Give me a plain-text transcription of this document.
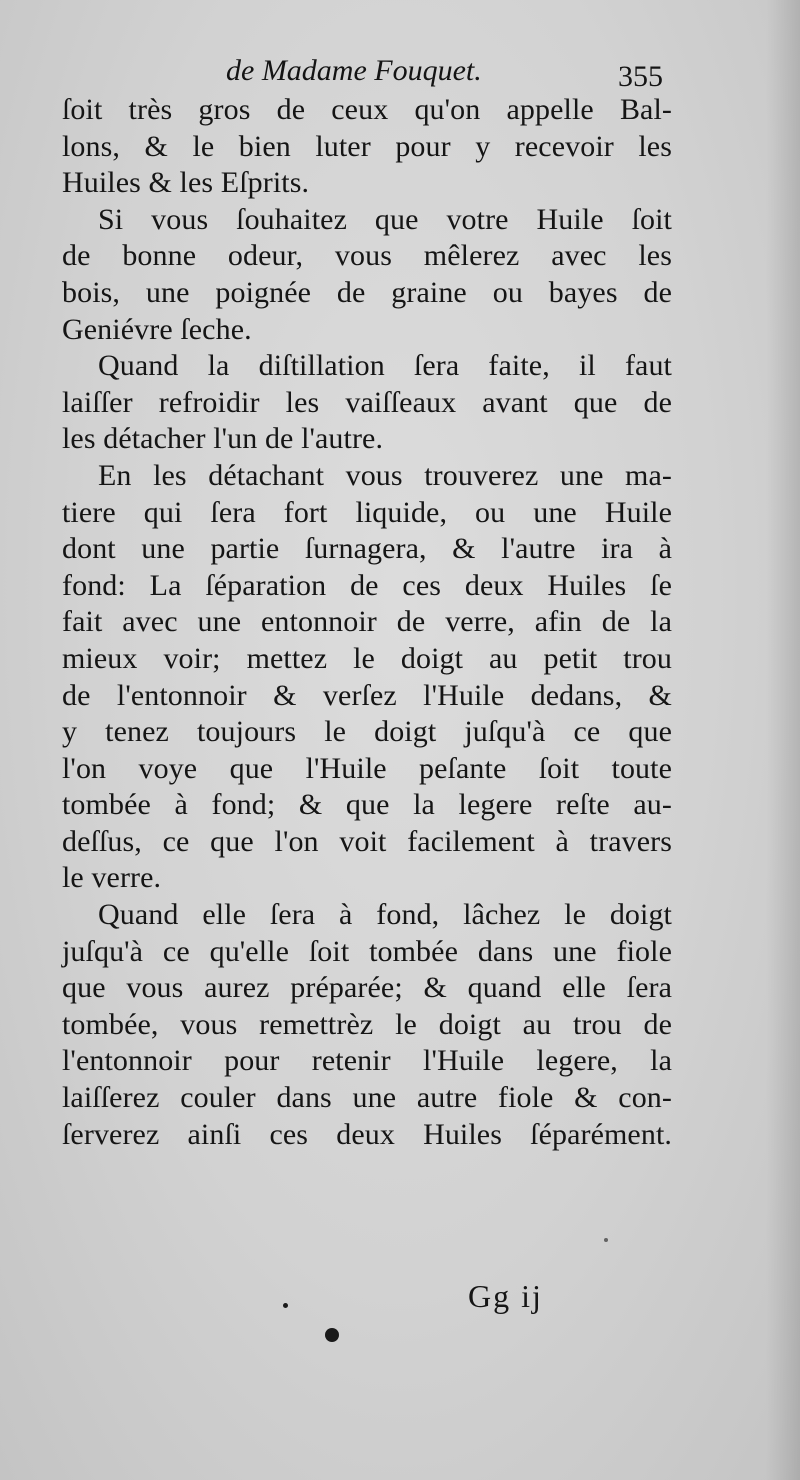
de Madame Fouquet.	355
ſoit très gros de ceux qu'on appelle Bal-
lons, & le bien luter pour y recevoir les
Huiles & les Eſprits.
Si vous ſouhaitez que votre Huile ſoit
de bonne odeur, vous mêlerez avec les
bois, une poignée de graine ou bayes de
Geniévre ſeche.
Quand la diſtillation ſera faite, il faut
laiſſer refroidir les vaiſſeaux avant que de
les détacher l'un de l'autre.
En les détachant vous trouverez une ma-
tiere qui ſera fort liquide, ou une Huile
dont une partie ſurnagera, & l'autre ira à
fond: La ſéparation de ces deux Huiles ſe
fait avec une entonnoir de verre, afin de la
mieux voir; mettez le doigt au petit trou
de l'entonnoir & verſez l'Huile dedans, &
y tenez toujours le doigt juſqu'à ce que
l'on voye que l'Huile peſante ſoit toute
tombée à fond; & que la legere reſte au-
deſſus, ce que l'on voit facilement à travers
le verre.
Quand elle ſera à fond, lâchez le doigt
juſqu'à ce qu'elle ſoit tombée dans une fiole
que vous aurez préparée; & quand elle ſera
tombée, vous remettrèz le doigt au trou de
l'entonnoir pour retenir l'Huile legere, la
laiſſerez couler dans une autre fiole & con-
ſerverez ainſi ces deux Huiles ſéparément.
Gg ij
